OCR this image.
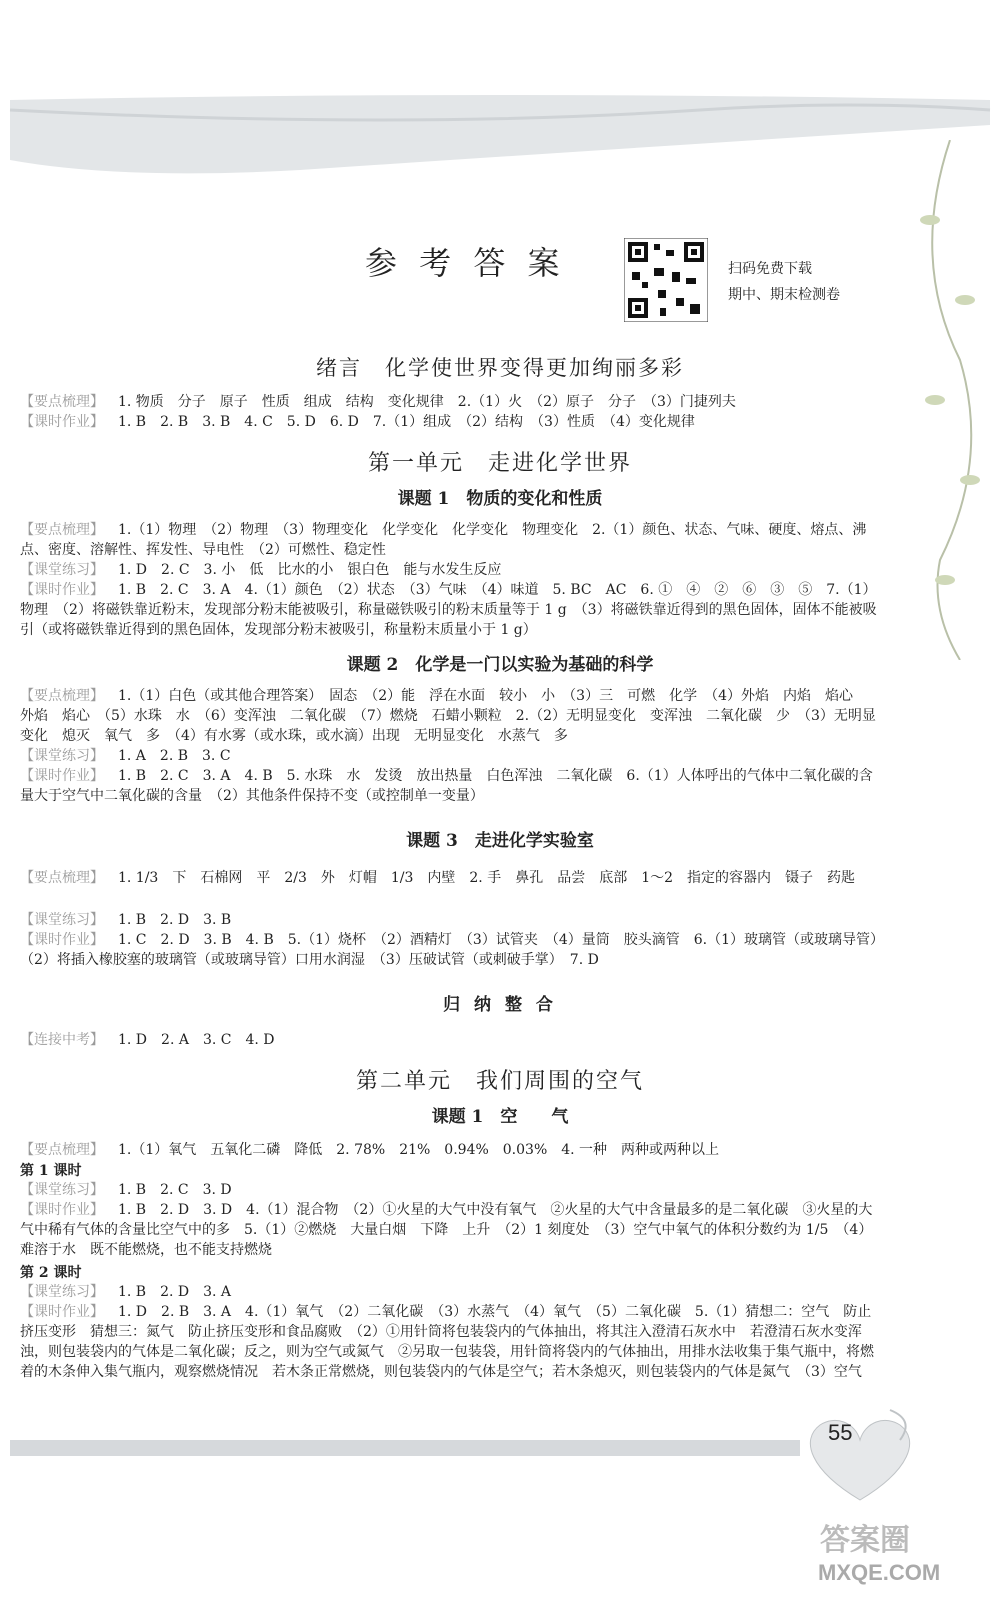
参 考 答 案	扫码免费下载
期中、期末检测卷
绪言　化学使世界变得更加绚丽多彩
【要点梳理】 1. 物质　分子　原子　性质　组成　结构　变化规律　2.（1）火　（2）原子　分子　（3）门捷列夫
【课时作业】 1. B　2. B　3. B　4. C　5. D　6. D　7.（1）组成　（2）结构　（3）性质　（4）变化规律
第一单元　走进化学世界
课题 1　物质的变化和性质
【要点梳理】 1.（1）物理　（2）物理　（3）物理变化　化学变化　化学变化　物理变化　2.（1）颜色、状态、气味、硬度、熔点、沸点、密度、溶解性、挥发性、导电性　（2）可燃性、稳定性
【课堂练习】 1. D　2. C　3. 小　低　比水的小　银白色　能与水发生反应
【课时作业】 1. B　2. C　3. A　4.（1）颜色　（2）状态　（3）气味　（4）味道　5. BC　AC　6. ①　④　②　⑥　③　⑤　7.（1）物理　（2）将磁铁靠近粉末，发现部分粉末能被吸引，称量磁铁吸引的粉末质量等于 1 g　（3）将磁铁靠近得到的黑色固体，固体不能被吸引（或将磁铁靠近得到的黑色固体，发现部分粉末被吸引，称量粉末质量小于 1 g）
课题 2　化学是一门以实验为基础的科学
【要点梳理】 1.（1）白色（或其他合理答案）　固态　（2）能　浮在水面　较小　小　（3）三　可燃　化学　（4）外焰　内焰　焰心　外焰　焰心　（5）水珠　水　（6）变浑浊　二氧化碳　（7）燃烧　石蜡小颗粒　2.（2）无明显变化　变浑浊　二氧化碳　少　（3）无明显变化　熄灭　氧气　多　（4）有水雾（或水珠，或水滴）出现　无明显变化　水蒸气　多
【课堂练习】 1. A　2. B　3. C
【课时作业】 1. B　2. C　3. A　4. B　5. 水珠　水　发烫　放出热量　白色浑浊　二氧化碳　6.（1）人体呼出的气体中二氧化碳的含量大于空气中二氧化碳的含量　（2）其他条件保持不变（或控制单一变量）
课题 3　走进化学实验室
【要点梳理】 1. 1/3　下　石棉网　平　2/3　外　灯帽　1/3　内壁　2. 手　鼻孔　品尝　底部　1～2　指定的容器内　镊子　药匙
【课堂练习】 1. B　2. D　3. B
【课时作业】 1. C　2. D　3. B　4. B　5.（1）烧杯　（2）酒精灯　（3）试管夹　（4）量筒　胶头滴管　6.（1）玻璃管（或玻璃导管）　（2）将插入橡胶塞的玻璃管（或玻璃导管）口用水润湿　（3）压破试管（或刺破手掌）　7. D
归 纳 整 合
【连接中考】 1. D　2. A　3. C　4. D
第二单元　我们周围的空气
课题 1　空　　气
【要点梳理】 1.（1）氧气　五氧化二磷　降低　2. 78%　21%　0.94%　0.03%　4. 一种　两种或两种以上
第 1 课时
【课堂练习】 1. B　2. C　3. D
【课时作业】 1. B　2. D　3. D　4.（1）混合物　（2）①火星的大气中没有氧气　②火星的大气中含量最多的是二氧化碳　③火星的大气中稀有气体的含量比空气中的多　5.（1）②燃烧　大量白烟　下降　上升　（2）1 刻度处　（3）空气中氧气的体积分数约为 1/5　（4）难溶于水　既不能燃烧，也不能支持燃烧
第 2 课时
【课堂练习】 1. B　2. D　3. A
【课时作业】 1. D　2. B　3. A　4.（1）氧气　（2）二氧化碳　（3）水蒸气　（4）氧气　（5）二氧化碳　5.（1）猜想二：空气　防止挤压变形　猜想三：氮气　防止挤压变形和食品腐败　（2）①用针筒将包装袋内的气体抽出，将其注入澄清石灰水中　若澄清石灰水变浑浊，则包装袋内的气体是二氧化碳；反之，则为空气或氮气　②另取一包装袋，用针筒将袋内的气体抽出，用排水法收集于集气瓶中，将燃着的木条伸入集气瓶内，观察燃烧情况　若木条正常燃烧，则包装袋内的气体是空气；若木条熄灭，则包装袋内的气体是氮气　（3）空气
55
答案圈
MXQE.COM
